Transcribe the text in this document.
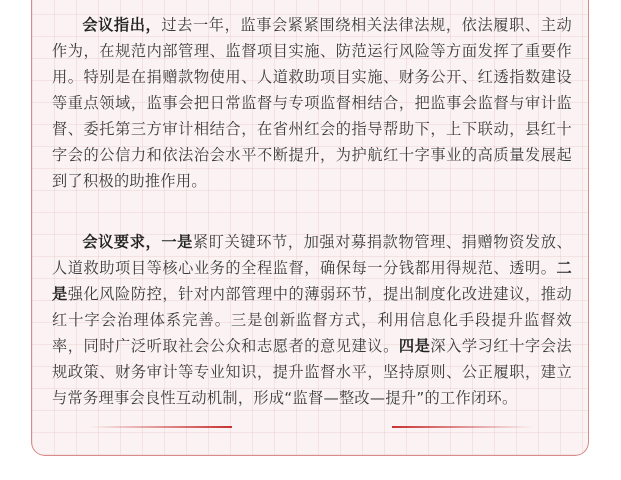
会议指出，过去一年，监事会紧紧围绕相关法律法规，依法履职、主动作为，在规范内部管理、监督项目实施、防范运行风险等方面发挥了重要作用。特别是在捐赠款物使用、人道救助项目实施、财务公开、红透指数建设等重点领域，监事会把日常监督与专项监督相结合，把监事会监督与审计监督、委托第三方审计相结合，在省州红会的指导帮助下，上下联动，县红十字会的公信力和依法治会水平不断提升，为护航红十字事业的高质量发展起到了积极的助推作用。

会议要求，一是紧盯关键环节，加强对募捐款物管理、捐赠物资发放、人道救助项目等核心业务的全程监督，确保每一分钱都用得规范、透明。二是强化风险防控，针对内部管理中的薄弱环节，提出制度化改进建议，推动红十字会治理体系完善。三是创新监督方式，利用信息化手段提升监督效率，同时广泛听取社会公众和志愿者的意见建议。四是深入学习红十字会法规政策、财务审计等专业知识，提升监督水平，坚持原则、公正履职，建立与常务理事会良性互动机制，形成“监督—整改—提升”的工作闭环。
